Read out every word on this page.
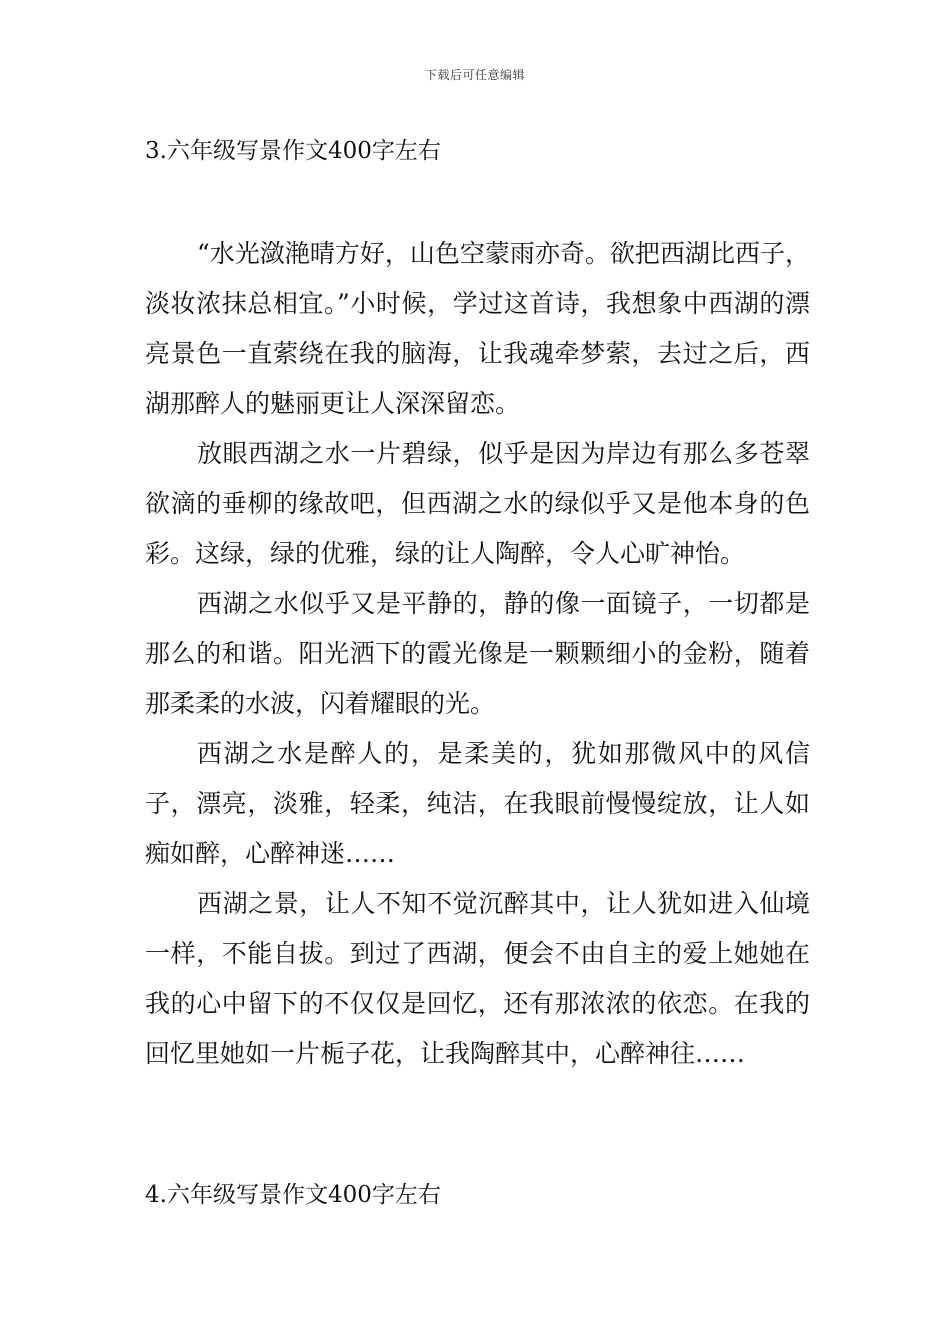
下载后可任意编辑
3.六年级写景作文400字左右

“水光潋滟晴方好，山色空蒙雨亦奇。欲把西湖比西子，淡妆浓抹总相宜。”小时候，学过这首诗，我想象中西湖的漂亮景色一直萦绕在我的脑海，让我魂牵梦萦，去过之后，西湖那醉人的魅丽更让人深深留恋。

放眼西湖之水一片碧绿，似乎是因为岸边有那么多苍翠欲滴的垂柳的缘故吧，但西湖之水的绿似乎又是他本身的色彩。这绿，绿的优雅，绿的让人陶醉，令人心旷神怡。

西湖之水似乎又是平静的，静的像一面镜子，一切都是那么的和谐。阳光洒下的霞光像是一颗颗细小的金粉，随着那柔柔的水波，闪着耀眼的光。

西湖之水是醉人的，是柔美的，犹如那微风中的风信子，漂亮，淡雅，轻柔，纯洁，在我眼前慢慢绽放，让人如痴如醉，心醉神迷……

西湖之景，让人不知不觉沉醉其中，让人犹如进入仙境一样，不能自拔。到过了西湖，便会不由自主的爱上她她在我的心中留下的不仅仅是回忆，还有那浓浓的依恋。在我的回忆里她如一片栀子花，让我陶醉其中，心醉神往……

4.六年级写景作文400字左右
